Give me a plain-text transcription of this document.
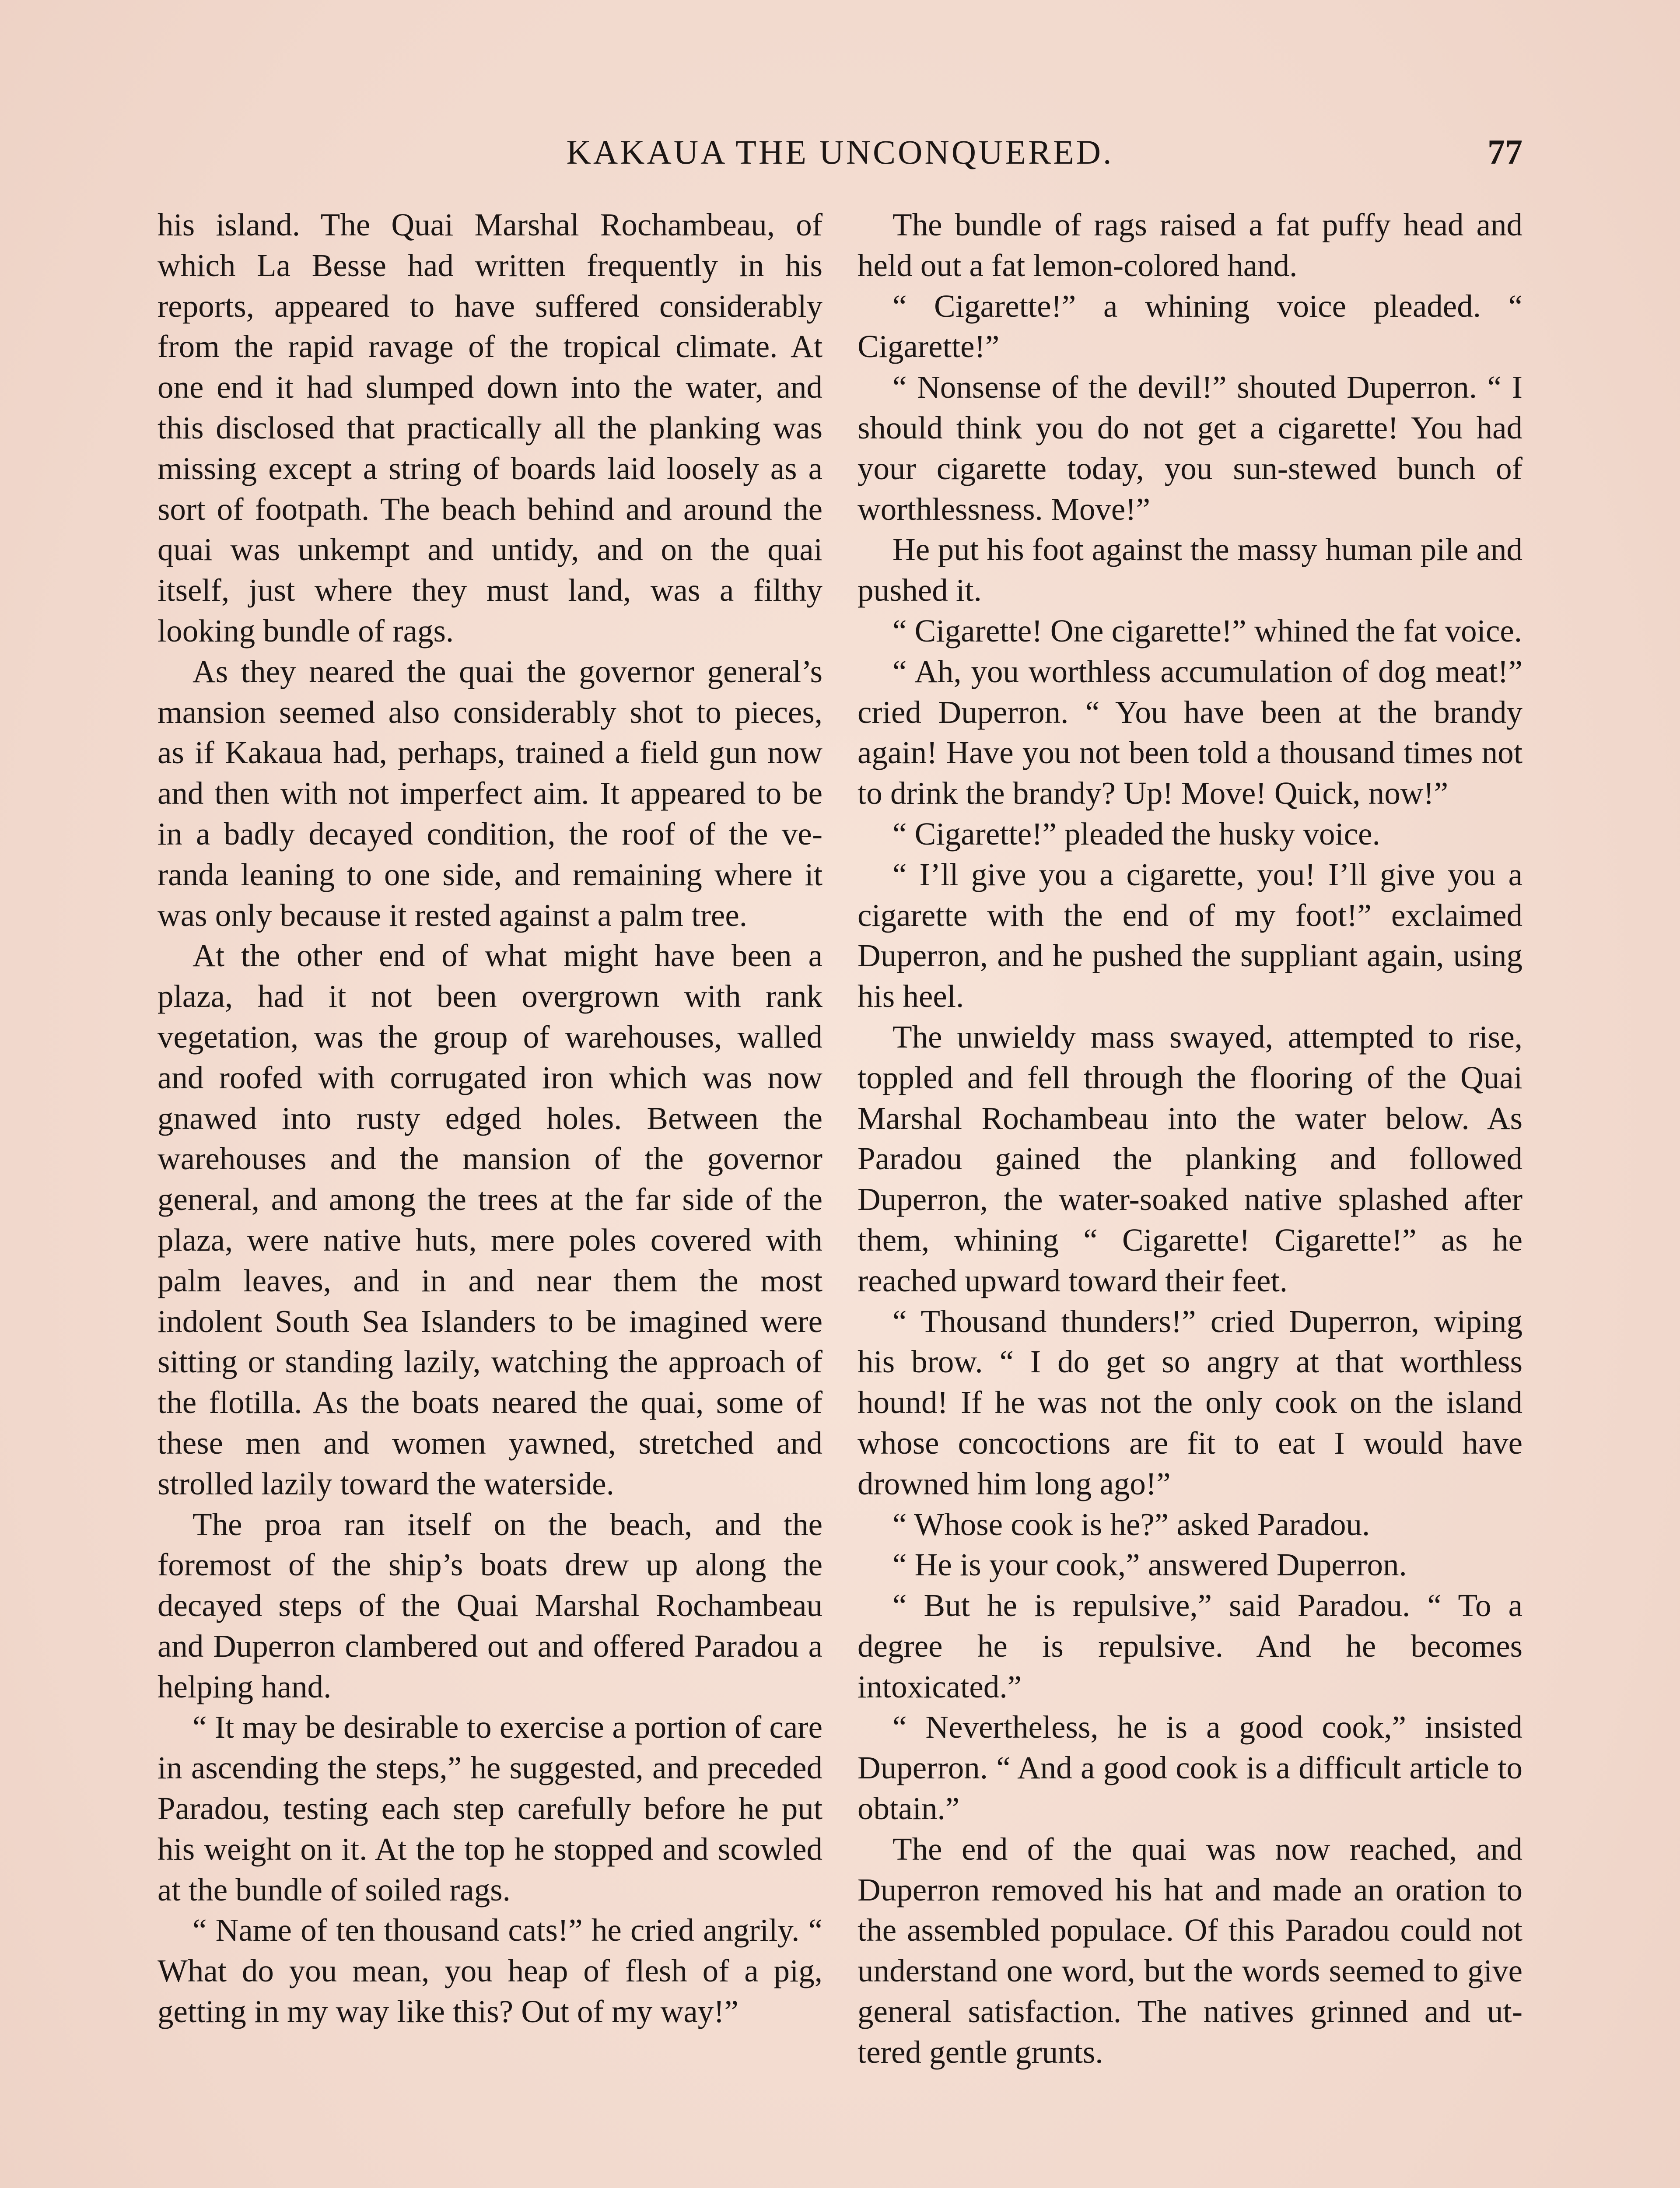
KAKAUA THE UNCONQUERED.	77

his island. The Quai Marshal Rochambeau, of which La Besse had written frequently in his reports, appeared to have suffered considerably from the rapid ravage of the tropical climate. At one end it had slumped down into the water, and this disclosed that practically all the planking was missing except a string of boards laid loosely as a sort of footpath. The beach behind and around the quai was unkempt and untidy, and on the quai itself, just where they must land, was a filthy looking bundle of rags.

As they neared the quai the governor general’s mansion seemed also considerably shot to pieces, as if Kakaua had, perhaps, trained a field gun now and then with not imperfect aim. It appeared to be in a badly decayed condition, the roof of the veranda leaning to one side, and remaining where it was only because it rested against a palm tree.

At the other end of what might have been a plaza, had it not been overgrown with rank vegetation, was the group of warehouses, walled and roofed with corrugated iron which was now gnawed into rusty edged holes. Between the warehouses and the mansion of the governor general, and among the trees at the far side of the plaza, were native huts, mere poles covered with palm leaves, and in and near them the most indolent South Sea Islanders to be imagined were sitting or standing lazily, watching the approach of the flotilla. As the boats neared the quai, some of these men and women yawned, stretched and strolled lazily toward the waterside.

The proa ran itself on the beach, and the foremost of the ship’s boats drew up along the decayed steps of the Quai Marshal Rochambeau and Duperron clambered out and offered Paradou a helping hand.

“ It may be desirable to exercise a portion of care in ascending the steps,” he suggested, and preceded Paradou, testing each step carefully before he put his weight on it. At the top he stopped and scowled at the bundle of soiled rags.

“ Name of ten thousand cats!” he cried angrily. “ What do you mean, you heap of flesh of a pig, getting in my way like this? Out of my way!”

The bundle of rags raised a fat puffy head and held out a fat lemon-colored hand.

“ Cigarette!” a whining voice pleaded. “ Cigarette!”

“ Nonsense of the devil!” shouted Duperron. “ I should think you do not get a cigarette! You had your cigarette today, you sun-stewed bunch of worthlessness. Move!”

He put his foot against the massy human pile and pushed it.

“ Cigarette! One cigarette!” whined the fat voice.

“ Ah, you worthless accumulation of dog meat!” cried Duperron. “ You have been at the brandy again! Have you not been told a thousand times not to drink the brandy? Up! Move! Quick, now!”

“ Cigarette!” pleaded the husky voice.

“ I’ll give you a cigarette, you! I’ll give you a cigarette with the end of my foot!” exclaimed Duperron, and he pushed the suppliant again, using his heel.

The unwieldy mass swayed, attempted to rise, toppled and fell through the flooring of the Quai Marshal Rochambeau into the water below. As Paradou gained the planking and followed Duperron, the water-soaked native splashed after them, whining “ Cigarette! Cigarette!” as he reached upward toward their feet.

“ Thousand thunders!” cried Duperron, wiping his brow. “ I do get so angry at that worthless hound! If he was not the only cook on the island whose concoctions are fit to eat I would have drowned him long ago!”

“ Whose cook is he?” asked Paradou.

“ He is your cook,” answered Duperron.

“ But he is repulsive,” said Paradou. “ To a degree he is repulsive. And he becomes intoxicated.”

“ Nevertheless, he is a good cook,” insisted Duperron. “ And a good cook is a difficult article to obtain.”

The end of the quai was now reached, and Duperron removed his hat and made an oration to the assembled populace. Of this Paradou could not understand one word, but the words seemed to give general satisfaction. The natives grinned and uttered gentle grunts.
